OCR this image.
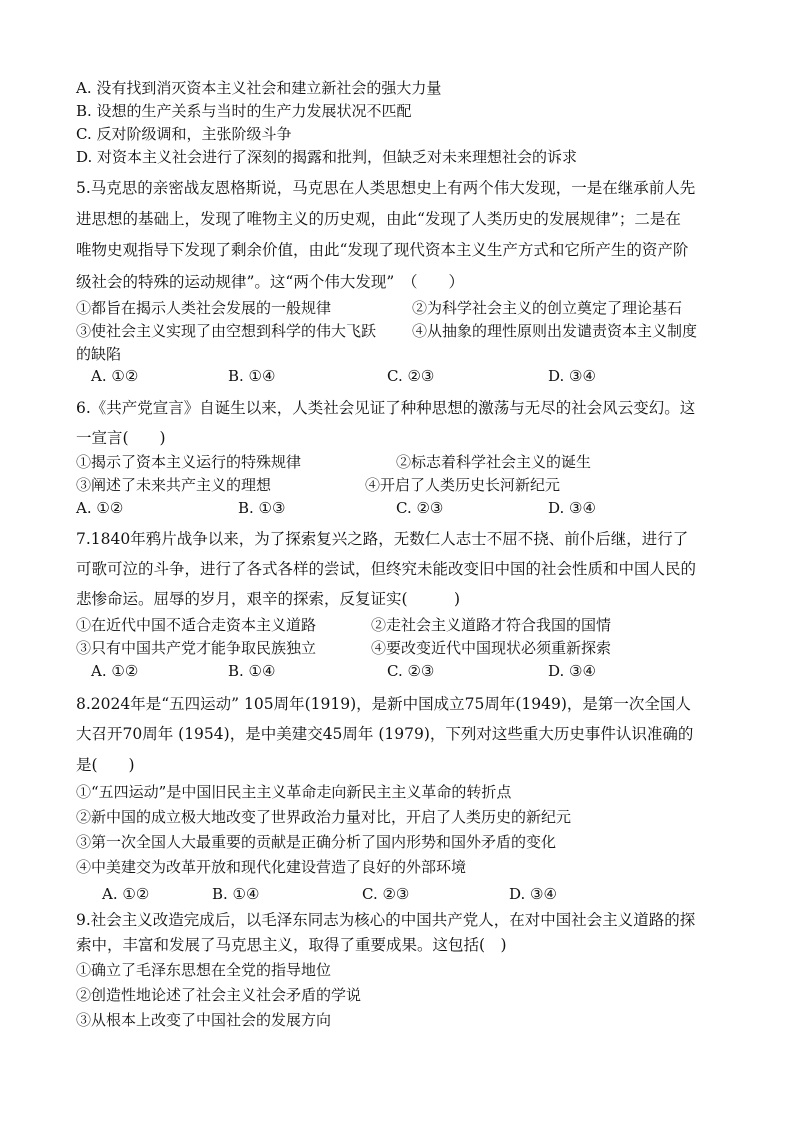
A. 没有找到消灭资本主义社会和建立新社会的强大力量
B. 设想的生产关系与当时的生产力发展状况不匹配
C. 反对阶级调和，主张阶级斗争
D. 对资本主义社会进行了深刻的揭露和批判，但缺乏对未来理想社会的诉求
5.马克思的亲密战友恩格斯说，马克思在人类思想史上有两个伟大发现，一是在继承前人先
进思想的基础上，发现了唯物主义的历史观，由此“发现了人类历史的发展规律”；二是在
唯物史观指导下发现了剩余价值，由此“发现了现代资本主义生产方式和它所产生的资产阶
级社会的特殊的运动规律”。这“两个伟大发现”　（　　）
①都旨在揭示人类社会发展的一般规律	②为科学社会主义的创立奠定了理论基石
③使社会主义实现了由空想到科学的伟大飞跃 ④从抽象的理性原则出发谴责资本主义制度
的缺陷
A. ①②	B. ①④	C. ②③	D. ③④
6.《共产党宣言》自诞生以来，人类社会见证了种种思想的激荡与无尽的社会风云变幻。这
一宣言(　　)
①揭示了资本主义运行的特殊规律	②标志着科学社会主义的诞生
③阐述了未来共产主义的理想	④开启了人类历史长河新纪元
A. ①②	B. ①③	C. ②③	D. ③④
7.1840年鸦片战争以来，为了探索复兴之路，无数仁人志士不屈不挠、前仆后继，进行了
可歌可泣的斗争，进行了各式各样的尝试，但终究未能改变旧中国的社会性质和中国人民的
悲惨命运。屈辱的岁月，艰辛的探索，反复证实(　　　)
①在近代中国不适合走资本主义道路	②走社会主义道路才符合我国的国情
③只有中国共产党才能争取民族独立	④要改变近代中国现状必须重新探索
A. ①②	B. ①④	C. ②③	D. ③④
8.2024年是“五四运动” 105周年(1919)，是新中国成立75周年(1949)，是第一次全国人
大召开70周年 (1954)，是中美建交45周年 (1979)，下列对这些重大历史事件认识准确的
是(　　)
①“五四运动”是中国旧民主主义革命走向新民主主义革命的转折点
②新中国的成立极大地改变了世界政治力量对比，开启了人类历史的新纪元
③第一次全国人大最重要的贡献是正确分析了国内形势和国外矛盾的变化
④中美建交为改革开放和现代化建设营造了良好的外部环境
A. ①②	B. ①④	C. ②③	D. ③④
9.社会主义改造完成后，以毛泽东同志为核心的中国共产党人，在对中国社会主义道路的探
索中，丰富和发展了马克思主义，取得了重要成果。这包括(　)
①确立了毛泽东思想在全党的指导地位
②创造性地论述了社会主义社会矛盾的学说
③从根本上改变了中国社会的发展方向
